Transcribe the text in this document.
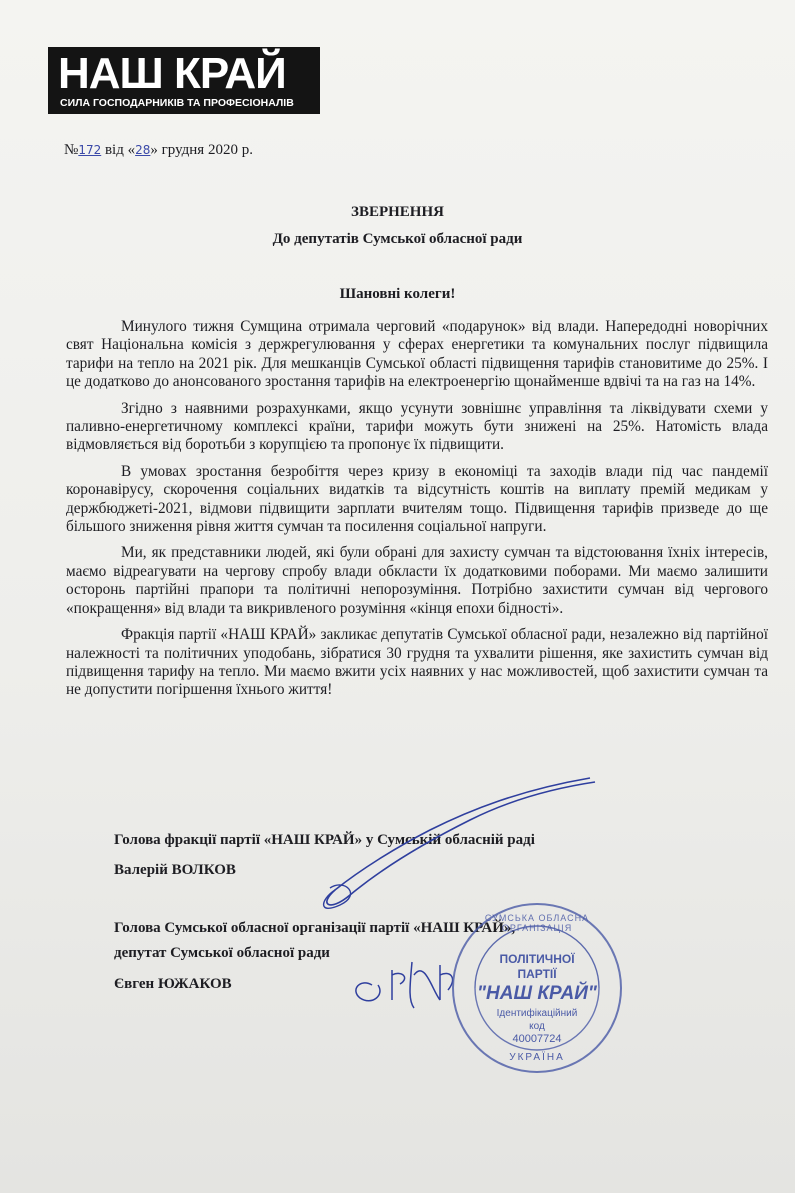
НАШ КРАЙ
СИЛА ГОСПОДАРНИКІВ ТА ПРОФЕСІОНАЛІВ
№172 від «28» грудня 2020 р.
ЗВЕРНЕННЯ
До депутатів Сумської обласної ради
Шановні колеги!

Минулого тижня Сумщина отримала черговий «подарунок» від влади. Напередодні новорічних свят Національна комісія з держрегулювання у сферах енергетики та комунальних послуг підвищила тарифи на тепло на 2021 рік. Для мешканців Сумської області підвищення тарифів становитиме до 25%. І це додатково до анонсованого зростання тарифів на електроенергію щонайменше вдвічі та на газ на 14%.

Згідно з наявними розрахунками, якщо усунути зовнішнє управління та ліквідувати схеми у паливно-енергетичному комплексі країни, тарифи можуть бути знижені на 25%. Натомість влада відмовляється від боротьби з корупцією та пропонує їх підвищити.

В умовах зростання безробіття через кризу в економіці та заходів влади під час пандемії коронавірусу, скорочення соціальних видатків та відсутність коштів на виплату премій медикам у держбюджеті-2021, відмови підвищити зарплати вчителям тощо. Підвищення тарифів призведе до ще більшого зниження рівня життя сумчан та посилення соціальної напруги.

Ми, як представники людей, які були обрані для захисту сумчан та відстоювання їхніх інтересів, маємо відреагувати на чергову спробу влади обкласти їх додатковими поборами. Ми маємо залишити осторонь партійні прапори та політичні непорозуміння. Потрібно захистити сумчан від чергового «покращення» від влади та викривленого розуміння «кінця епохи бідності».

Фракція партії «НАШ КРАЙ» закликає депутатів Сумської обласної ради, незалежно від партійної належності та політичних уподобань, зібратися 30 грудня та ухвалити рішення, яке захистить сумчан від підвищення тарифу на тепло. Ми маємо вжити усіх наявних у нас можливостей, щоб захистити сумчан та не допустити погіршення їхнього життя!

Голова фракції партії «НАШ КРАЙ» у Сумській обласній раді
Валерій ВОЛКОВ
Голова Сумської обласної організації партії «НАШ КРАЙ»,
депутат Сумської обласної ради
Євген ЮЖАКОВ
СУМСЬКА ОБЛАСНА ОРГАНІЗАЦІЯ
ПОЛІТИЧНОЇ
ПАРТІЇ
"НАШ КРАЙ"
Ідентифікаційний
код
40007724
УКРАЇНА
